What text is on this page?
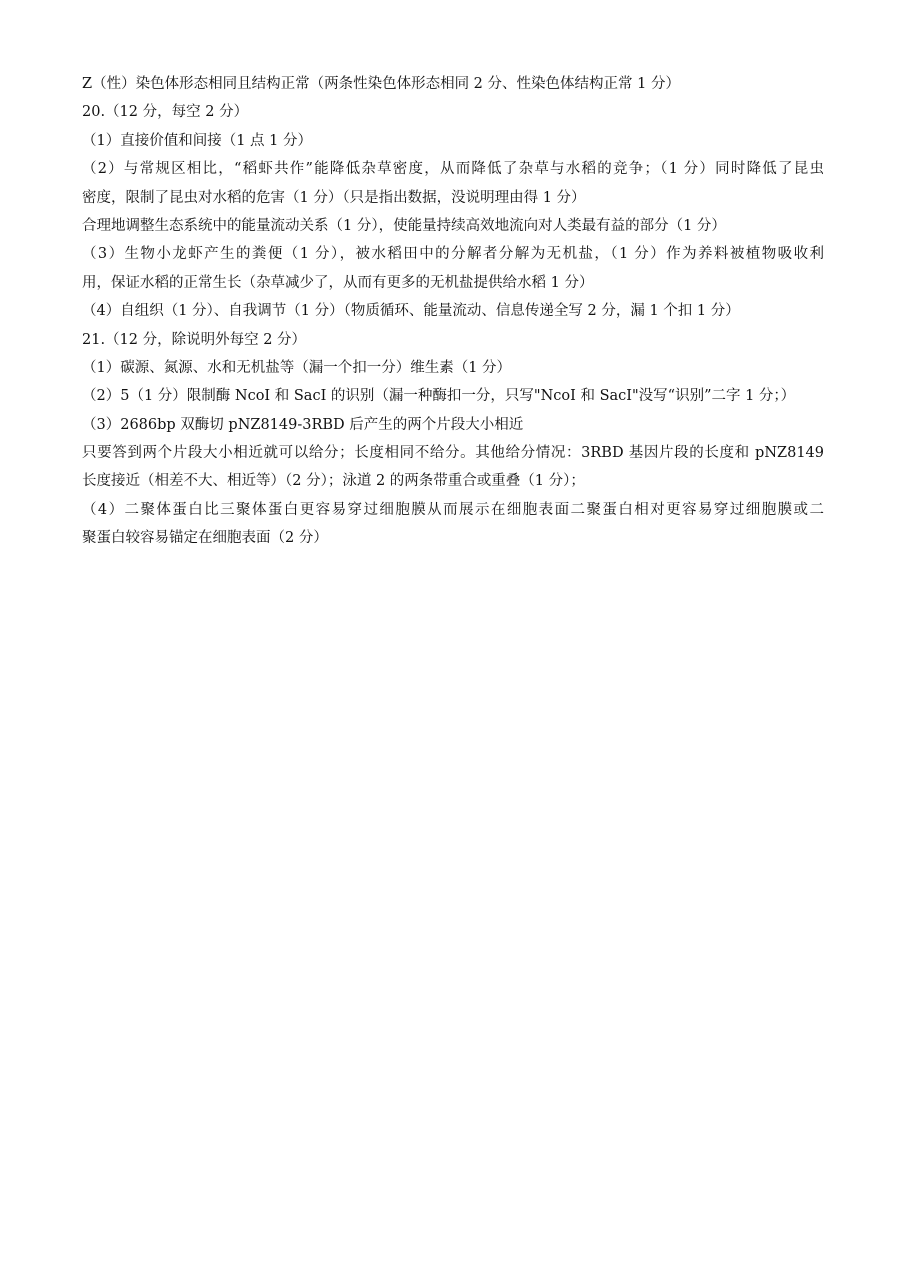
Z（性）染色体形态相同且结构正常（两条性染色体形态相同 2 分、性染色体结构正常 1 分）
20.（12 分，每空 2 分）
（1）直接价值和间接（1 点 1 分）
（2）与常规区相比，“稻虾共作”能降低杂草密度，从而降低了杂草与水稻的竞争；（1 分）同时降低了昆虫
密度，限制了昆虫对水稻的危害（1 分）（只是指出数据，没说明理由得 1 分）
合理地调整生态系统中的能量流动关系（1 分），使能量持续高效地流向对人类最有益的部分（1 分）
（3）生物小龙虾产生的粪便（1 分），被水稻田中的分解者分解为无机盐，（1 分）作为养料被植物吸收利
用，保证水稻的正常生长（杂草减少了，从而有更多的无机盐提供给水稻 1 分）
（4）自组织（1 分）、自我调节（1 分）（物质循环、能量流动、信息传递全写 2 分，漏 1 个扣 1 分）
21.（12 分，除说明外每空 2 分）
（1）碳源、氮源、水和无机盐等（漏一个扣一分）维生素（1 分）
（2）5（1 分）限制酶 NcoI 和 SacI 的识别（漏一种酶扣一分，只写"NcoI 和 SacI"没写“识别”二字 1 分；）
（3）2686bp 双酶切 pNZ8149-3RBD 后产生的两个片段大小相近
只要答到两个片段大小相近就可以给分；长度相同不给分。其他给分情况：3RBD 基因片段的长度和 pNZ8149
长度接近（相差不大、相近等）（2 分）；泳道 2 的两条带重合或重叠（1 分）；
（4）二聚体蛋白比三聚体蛋白更容易穿过细胞膜从而展示在细胞表面二聚蛋白相对更容易穿过细胞膜或二
聚蛋白较容易锚定在细胞表面（2 分）
